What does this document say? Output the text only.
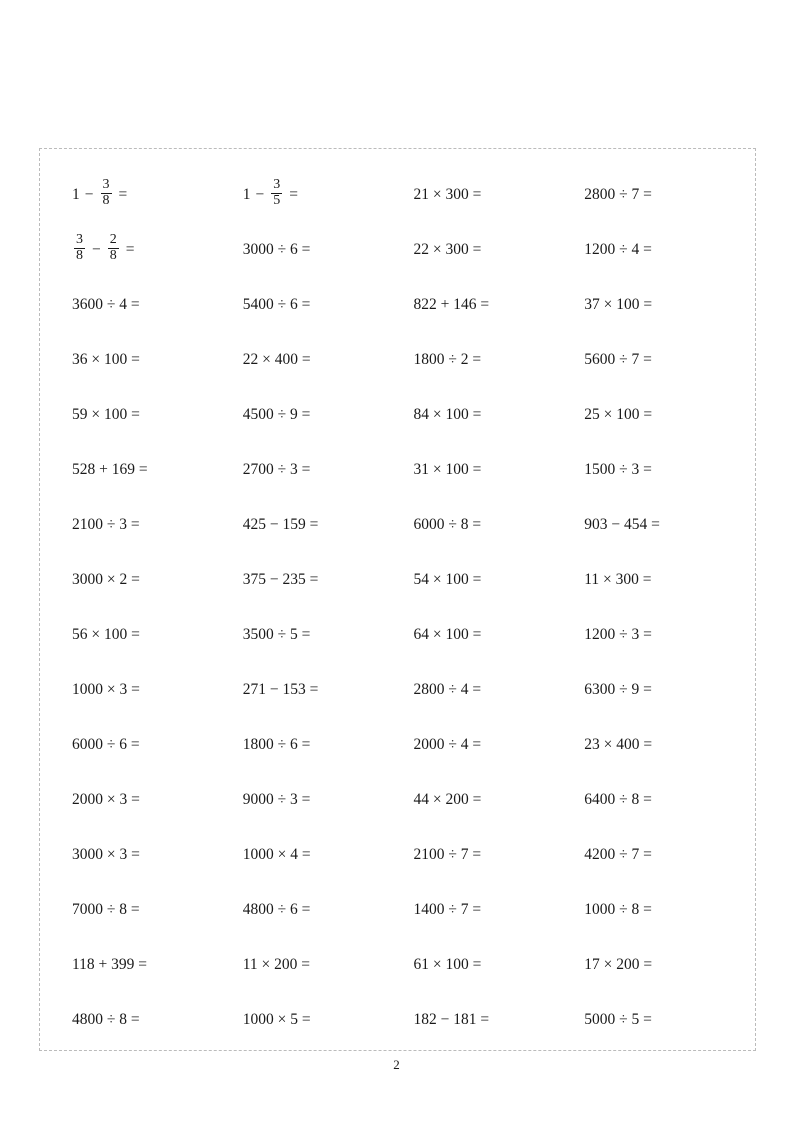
$1 - \frac{3}{8}$ =	$1 - \frac{3}{5}$ =	21 × 300 =	2800 ÷ 7 =
$\frac{3}{8} - \frac{2}{8}$ =	3000 ÷ 6 =	22 × 300 =	1200 ÷ 4 =
3600 ÷ 4 =	5400 ÷ 6 =	822 + 146 =	37 × 100 =
36 × 100 =	22 × 400 =	1800 ÷ 2 =	5600 ÷ 7 =
59 × 100 =	4500 ÷ 9 =	84 × 100 =	25 × 100 =
528 + 169 =	2700 ÷ 3 =	31 × 100 =	1500 ÷ 3 =
2100 ÷ 3 =	425 − 159 =	6000 ÷ 8 =	903 − 454 =
3000 × 2 =	375 − 235 =	54 × 100 =	11 × 300 =
56 × 100 =	3500 ÷ 5 =	64 × 100 =	1200 ÷ 3 =
1000 × 3 =	271 − 153 =	2800 ÷ 4 =	6300 ÷ 9 =
6000 ÷ 6 =	1800 ÷ 6 =	2000 ÷ 4 =	23 × 400 =
2000 × 3 =	9000 ÷ 3 =	44 × 200 =	6400 ÷ 8 =
3000 × 3 =	1000 × 4 =	2100 ÷ 7 =	4200 ÷ 7 =
7000 ÷ 8 =	4800 ÷ 6 =	1400 ÷ 7 =	1000 ÷ 8 =
118 + 399 =	11 × 200 =	61 × 100 =	17 × 200 =
4800 ÷ 8 =	1000 × 5 =	182 − 181 =	5000 ÷ 5 =
2
